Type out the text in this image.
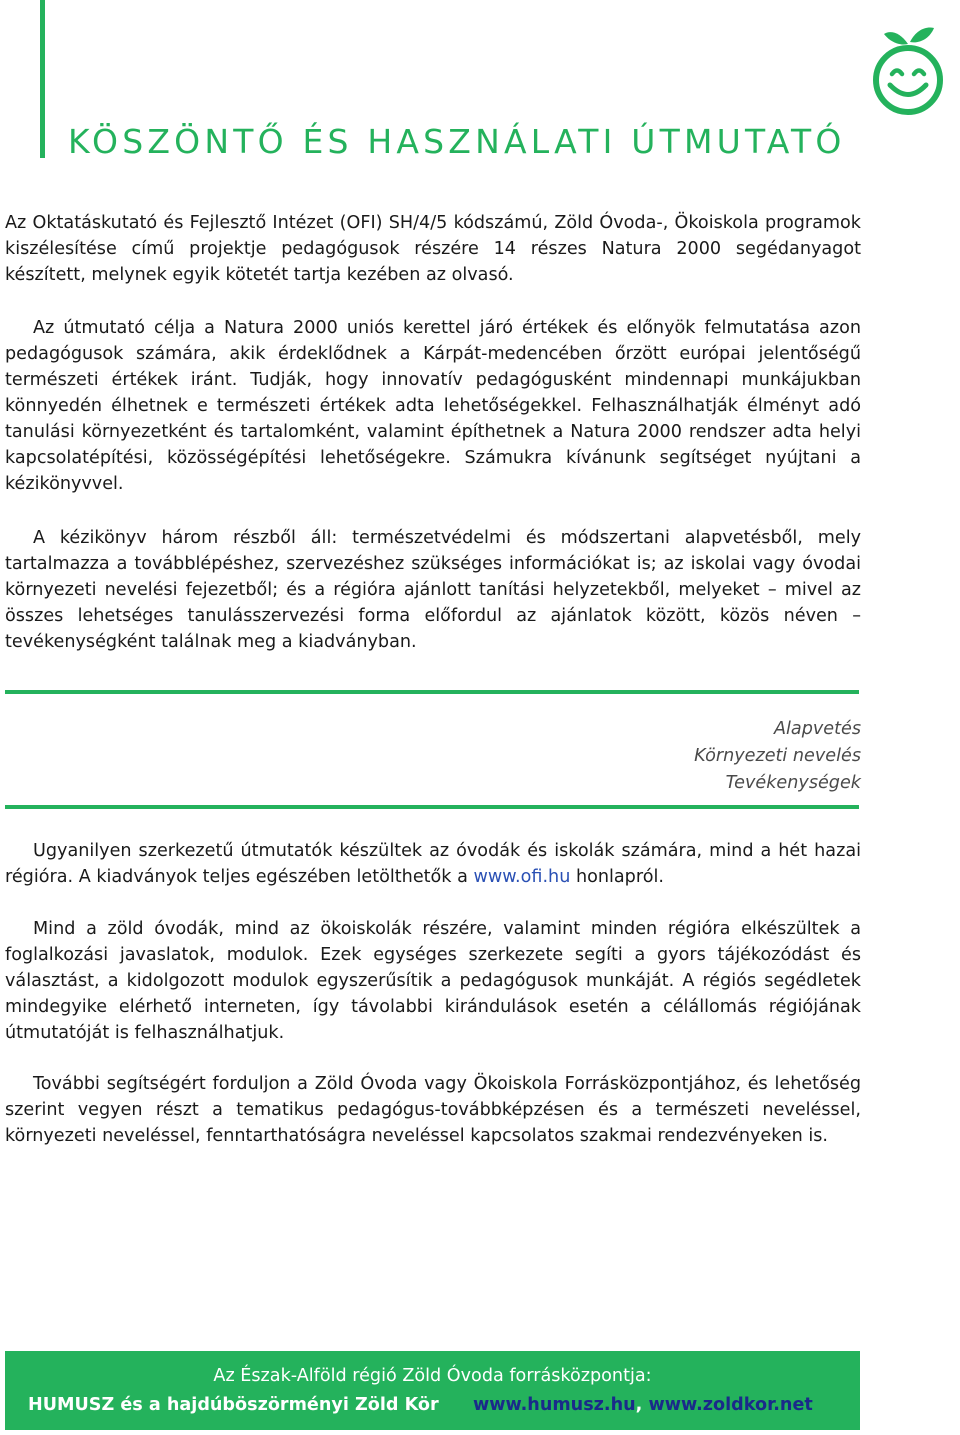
KÖSZÖNTŐ ÉS HASZNÁLATI ÚTMUTATÓ

Az Oktatáskutató és Fejlesztő Intézet (OFI) SH/4/5 kódszámú, Zöld Óvoda-, Ökoiskola programok kiszélesítése című projektje pedagógusok részére 14 részes Natura 2000 segédanyagot készített, melynek egyik kötetét tartja kezében az olvasó.

Az útmutató célja a Natura 2000 uniós kerettel járó értékek és előnyök felmutatása azon pedagógusok számára, akik érdeklődnek a Kárpát-medencében őrzött európai jelentőségű természeti értékek iránt. Tudják, hogy innovatív pedagógusként mindennapi munkájukban könnyedén élhetnek e természeti értékek adta lehetőségekkel. Felhasználhatják élményt adó tanulási környezetként és tartalomként, valamint építhetnek a Natura 2000 rendszer adta helyi kapcsolatépítési, közösségépítési lehetőségekre. Számukra kívánunk segítséget nyújtani a kézikönyvvel.

A kézikönyv három részből áll: természetvédelmi és módszertani alapvetésből, mely tartalmazza a továbblépéshez, szervezéshez szükséges információkat is; az iskolai vagy óvodai környezeti nevelési fejezetből; és a régióra ajánlott tanítási helyzetekből, melyeket – mivel az összes lehetséges tanulásszervezési forma előfordul az ajánlatok között, közös néven – tevékenységként találnak meg a kiadványban.

Alapvetés
Környezeti nevelés
Tevékenységek

Ugyanilyen szerkezetű útmutatók készültek az óvodák és iskolák számára, mind a hét hazai régióra. A kiadványok teljes egészében letölthetők a www.ofi.hu honlapról.

Mind a zöld óvodák, mind az ökoiskolák részére, valamint minden régióra elkészültek a foglalkozási javaslatok, modulok. Ezek egységes szerkezete segíti a gyors tájékozódást és választást, a kidolgozott modulok egyszerűsítik a pedagógusok munkáját. A régiós segédletek mindegyike elérhető interneten, így távolabbi kirándulások esetén a célállomás régiójának útmutatóját is felhasználhatjuk.

További segítségért forduljon a Zöld Óvoda vagy Ökoiskola Forrásközpontjához, és lehetőség szerint vegyen részt a tematikus pedagógus-továbbképzésen és a természeti neveléssel, környezeti neveléssel, fenntarthatóságra neveléssel kapcsolatos szakmai rendezvényeken is.

Az Észak-Alföld régió Zöld Óvoda forrásközpontja:
HUMUSZ és a hajdúböszörményi Zöld Kör www.humusz.hu, www.zoldkor.net
